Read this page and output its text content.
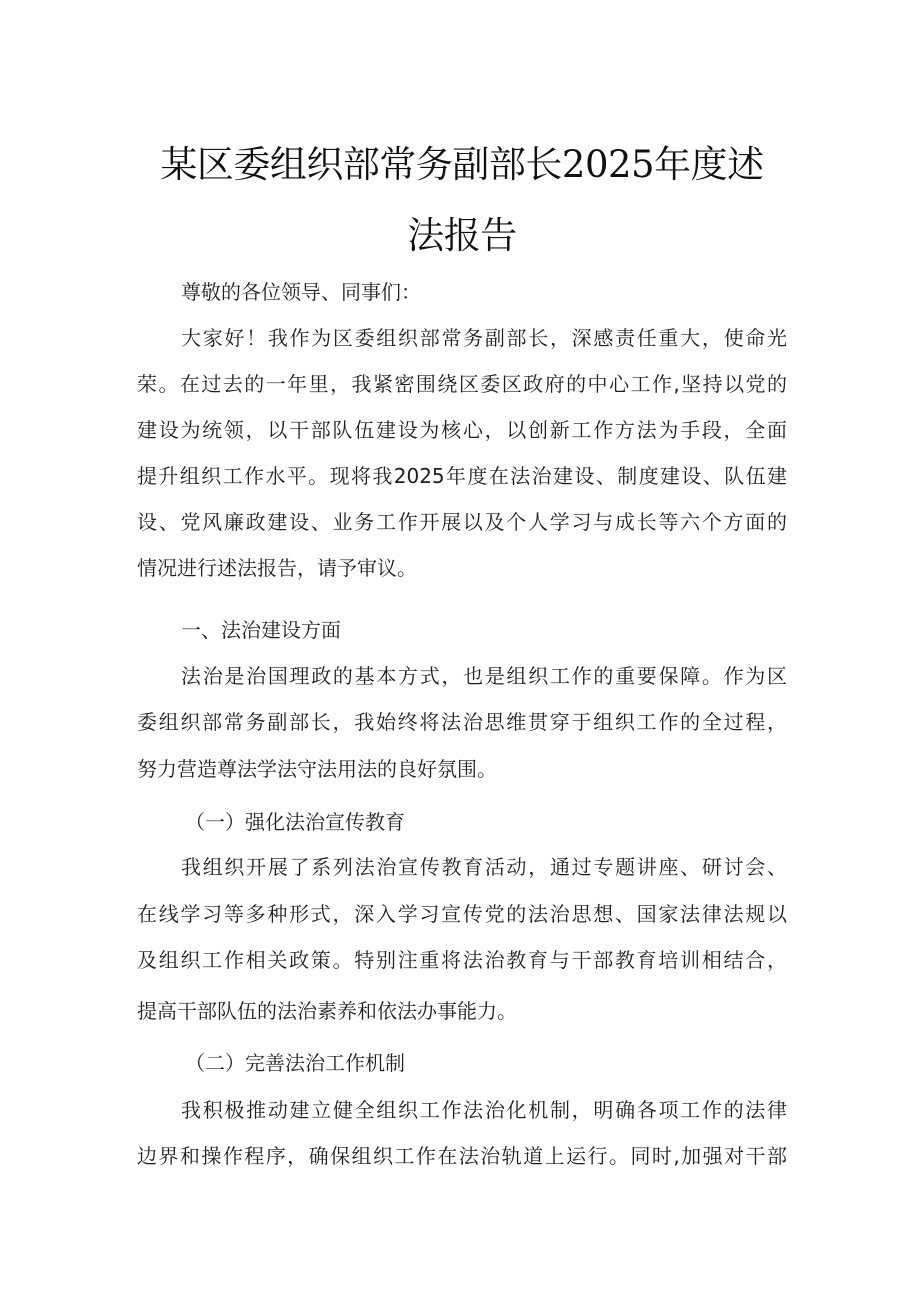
某区委组织部常务副部长2025年度述
法报告
尊敬的各位领导、同事们：
大家好！我作为区委组织部常务副部长，深感责任重大，使命光
荣。在过去的一年里，我紧密围绕区委区政府的中心工作,坚持以党的
建设为统领，以干部队伍建设为核心，以创新工作方法为手段，全面
提升组织工作水平。现将我2025年度在法治建设、制度建设、队伍建
设、党风廉政建设、业务工作开展以及个人学习与成长等六个方面的
情况进行述法报告，请予审议。
一、法治建设方面
法治是治国理政的基本方式，也是组织工作的重要保障。作为区
委组织部常务副部长，我始终将法治思维贯穿于组织工作的全过程，
努力营造尊法学法守法用法的良好氛围。
（一）强化法治宣传教育
我组织开展了系列法治宣传教育活动，通过专题讲座、研讨会、
在线学习等多种形式，深入学习宣传党的法治思想、国家法律法规以
及组织工作相关政策。特别注重将法治教育与干部教育培训相结合，
提高干部队伍的法治素养和依法办事能力。
（二）完善法治工作机制
我积极推动建立健全组织工作法治化机制，明确各项工作的法律
边界和操作程序，确保组织工作在法治轨道上运行。同时,加强对干部
